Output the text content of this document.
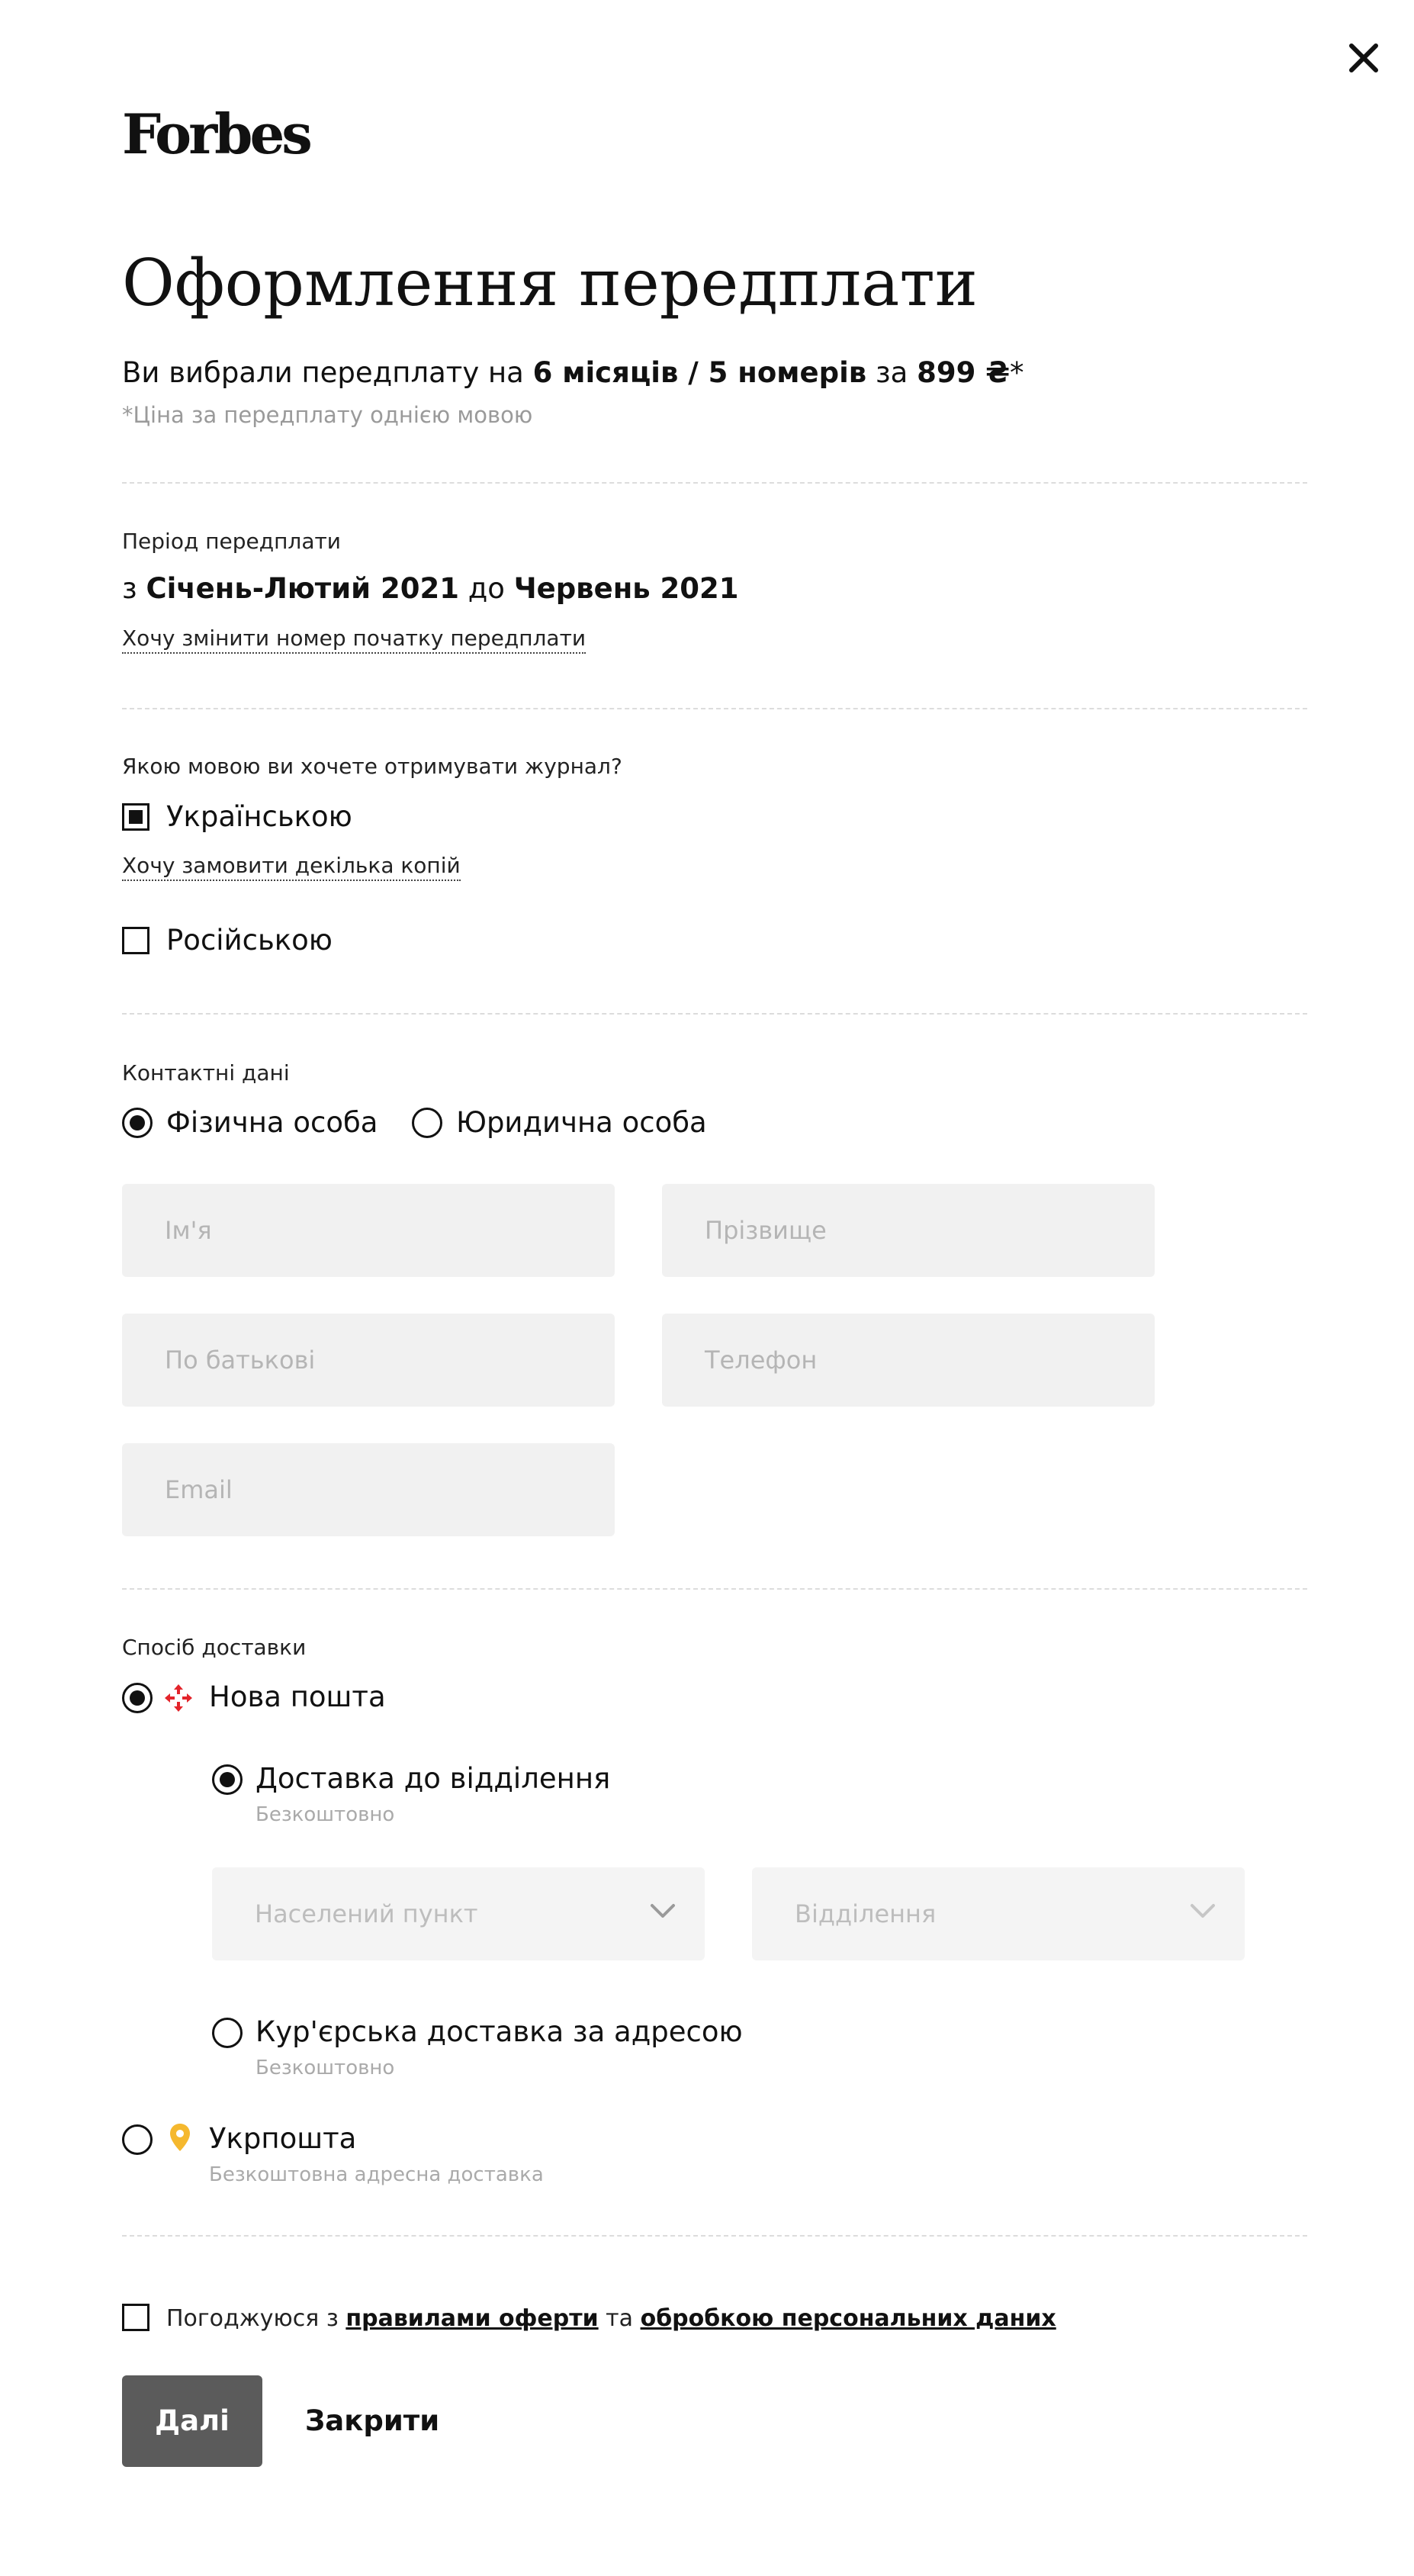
Forbes
Оформлення передплати
Ви вибрали передплату на 6 місяців / 5 номерів за 899 ₴*
*Ціна за передплату однією мовою
Період передплати
з Січень-Лютий 2021 до Червень 2021
Хочу змінити номер початку передплати
Якою мовою ви хочете отримувати журнал?
Українською
Хочу замовити декілька копій
Російською
Контактні дані
Фізична особа	Юридична особа
Ім'я	Прізвище
По батькові	Телефон
Email
Спосіб доставки
Нова пошта
Доставка до відділення
Безкоштовно
Населений пункт	Відділення
Кур'єрська доставка за адресою
Безкоштовно
Укрпошта
Безкоштовна адресна доставка
Погоджуюся з правилами оферти та обробкою персональних даних
Далі	Закрити
